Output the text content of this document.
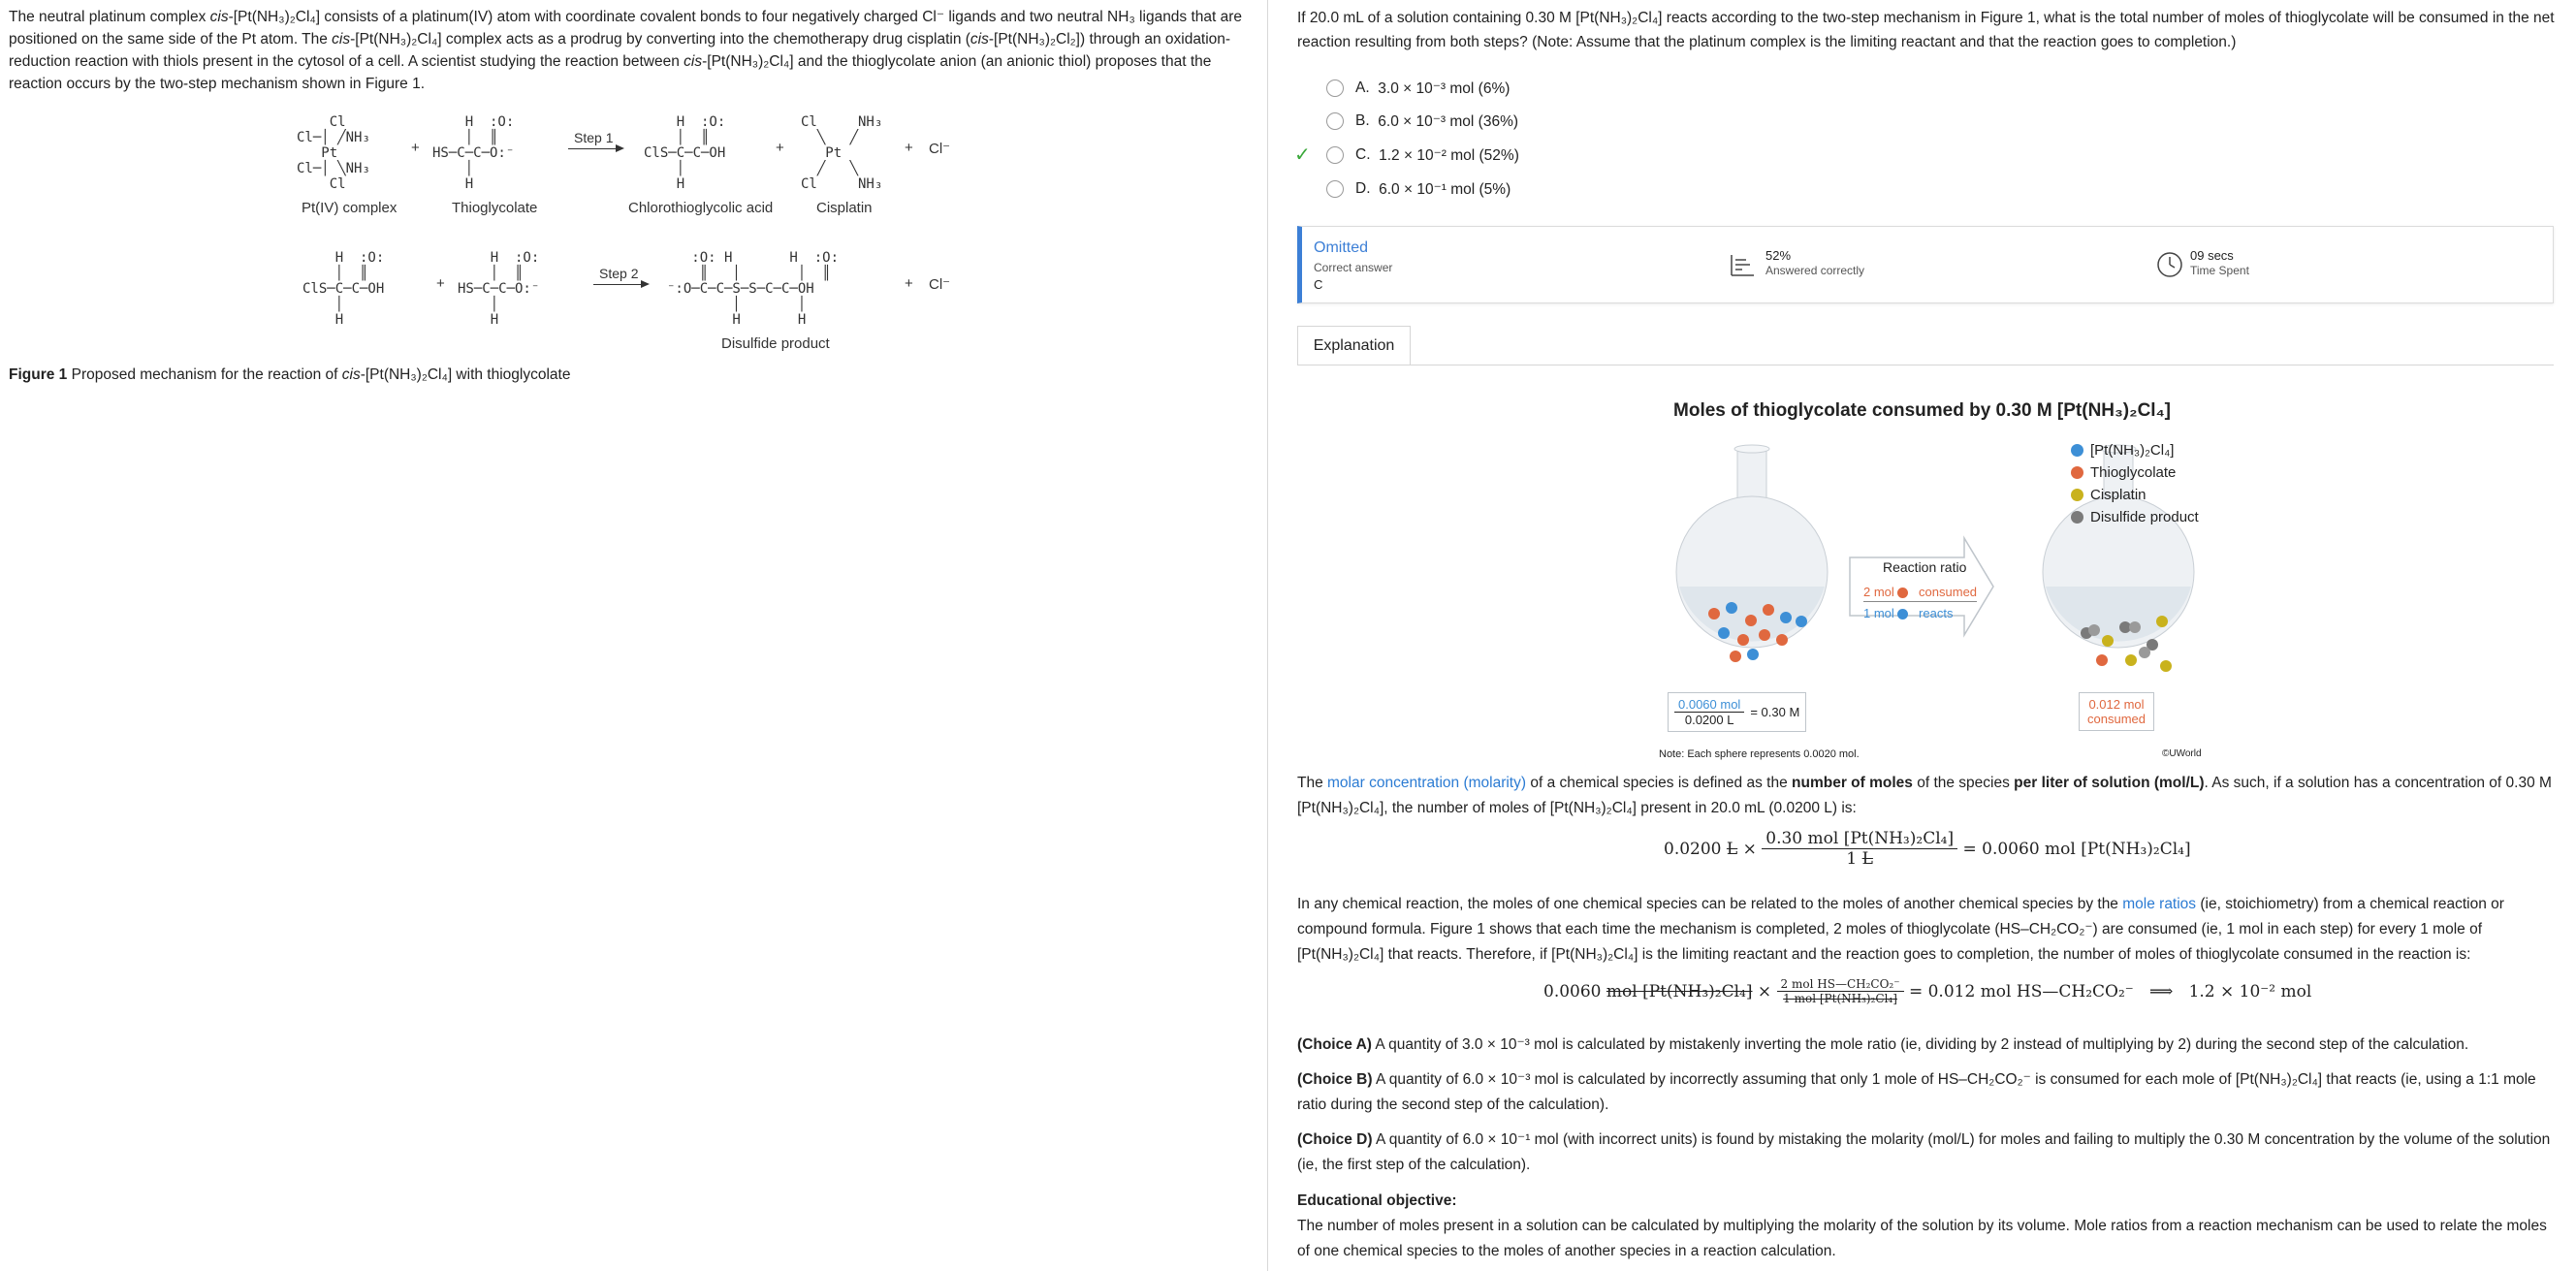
The neutral platinum complex cis-[Pt(NH₃)₂Cl₄] consists of a platinum(IV) atom with coordinate covalent bonds to four negatively charged Cl⁻ ligands and two neutral NH₃ ligands that are positioned on the same side of the Pt atom. The cis-[Pt(NH₃)₂Cl₄] complex acts as a prodrug by converting into the chemotherapy drug cisplatin (cis-[Pt(NH₃)₂Cl₂]) through an oxidation-reduction reaction with thiols present in the cytosol of a cell. A scientist studying the reaction between cis-[Pt(NH₃)₂Cl₄] and the thioglycolate anion (an anionic thiol) proposes that the reaction occurs by the two-step mechanism shown in Figure 1.

Cl
Cl─│ ╱NH₃
Pt
Cl─│ ╲NH₃
Cl
+
H  :O:
│  ║
HS─C─C─O:⁻
│
H
Step 1
H  :O:
│  ║
ClS─C─C─OH
│
H
+
Cl     NH₃
╲   ╱
Pt
╱   ╲
Cl     NH₃
+ Cl⁻
Pt(IV) complex	Thioglycolate	Chlorothioglycolic acid	Cisplatin
H  :O:
│  ║
ClS─C─C─OH
│
H
+
H  :O:
│  ║
HS─C─C─O:⁻
│
H
Step 2
:O: H       H  :O:
║   │       │  ║
⁻:O─C─C─S─S─C─C─OH
│       │
H       H
+ Cl⁻
Disulfide product
Figure 1 Proposed mechanism for the reaction of cis-[Pt(NH₃)₂Cl₄] with thioglycolate
If 20.0 mL of a solution containing 0.30 M [Pt(NH₃)₂Cl₄] reacts according to the two-step mechanism in Figure 1, what is the total number of moles of thioglycolate will be consumed in the net reaction resulting from both steps? (Note: Assume that the platinum complex is the limiting reactant and that the reaction goes to completion.)
A.
3.0 × 10⁻³ mol (6%)
B.
6.0 × 10⁻³ mol (36%)
✓	C.
1.2 × 10⁻² mol (52%)
D.
6.0 × 10⁻¹ mol (5%)
Omitted
Correct answer
C
52%
Answered correctly
09 secs
Time Spent
Explanation
Moles of thioglycolate consumed by 0.30 M [Pt(NH₃)₂Cl₄]
[Pt(NH₃)₂Cl₄]
Thioglycolate
Cisplatin
Disulfide product
Reaction ratio
2 mol consumed
1 mol reacts
$\frac{\text{0.0060 mol}}{0.0200 L} = 0.30$ M
0.012 mol
consumed
Note: Each sphere represents 0.0020 mol.	©UWorld
The molar concentration (molarity) of a chemical species is defined as the number of moles of the species per liter of solution (mol/L). As such, if a solution has a concentration of 0.30 M [Pt(NH₃)₂Cl₄], the number of moles of [Pt(NH₃)₂Cl₄] present in 20.0 mL (0.0200 L) is:
0.0200
L
×
$\frac{\text{0.30 mol [Pt(NH₃)₂Cl₄]}}{1 L}$
= 0.0060 mol [Pt(NH₃)₂Cl₄]
In any chemical reaction, the moles of one chemical species can be related to the moles of another chemical species by the mole ratios (ie, stoichiometry) from a chemical reaction or compound formula. Figure 1 shows that each time the mechanism is completed, 2 moles of thioglycolate (HS–CH₂CO₂⁻) are consumed (ie, 1 mol in each step) for every 1 mole of [Pt(NH₃)₂Cl₄] that reacts. Therefore, if [Pt(NH₃)₂Cl₄] is the limiting reactant and the reaction goes to completion, the number of moles of thioglycolate consumed in the reaction is:
0.0060
mol [Pt(NH₃)₂Cl₄]
×
$\frac{\text{2 mol HS—CH₂CO₂⁻}}{\text{1 mol [Pt(NH₃)₂Cl₄]}}$
= 0.012 mol HS—CH₂CO₂⁻
⟹
1.2 × 10⁻² mol
(Choice A) A quantity of 3.0 × 10⁻³ mol is calculated by mistakenly inverting the mole ratio (ie, dividing by 2 instead of multiplying by 2) during the second step of the calculation.
(Choice B) A quantity of 6.0 × 10⁻³ mol is calculated by incorrectly assuming that only 1 mole of HS–CH₂CO₂⁻ is consumed for each mole of [Pt(NH₃)₂Cl₄] that reacts (ie, using a 1:1 mole ratio during the second step of the calculation).
(Choice D) A quantity of 6.0 × 10⁻¹ mol (with incorrect units) is found by mistaking the molarity (mol/L) for moles and failing to multiply the 0.30 M concentration by the volume of the solution (ie, the first step of the calculation).
Educational objective:
The number of moles present in a solution can be calculated by multiplying the molarity of the solution by its volume. Mole ratios from a reaction mechanism can be used to relate the moles of one chemical species to the moles of another species in a reaction calculation.
